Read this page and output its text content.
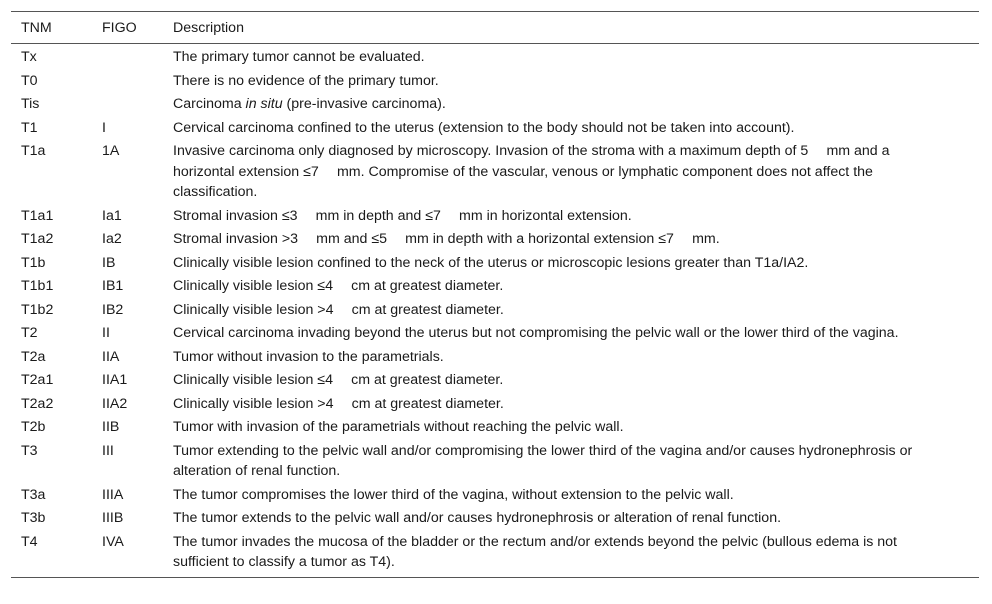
TNM	FIGO	Description
Tx		The primary tumor cannot be evaluated.
T0		There is no evidence of the primary tumor.
Tis		Carcinoma in situ (pre-invasive carcinoma).
T1	I	Cervical carcinoma confined to the uterus (extension to the body should not be taken into account).
T1a	1A	Invasive carcinoma only diagnosed by microscopy. Invasion of the stroma with a maximum depth of 5  mm and a horizontal extension ≤7  mm. Compromise of the vascular, venous or lymphatic component does not affect the classification.
T1a1	Ia1	Stromal invasion ≤3  mm in depth and ≤7  mm in horizontal extension.
T1a2	Ia2	Stromal invasion >3  mm and ≤5  mm in depth with a horizontal extension ≤7  mm.
T1b	IB	Clinically visible lesion confined to the neck of the uterus or microscopic lesions greater than T1a/IA2.
T1b1	IB1	Clinically visible lesion ≤4  cm at greatest diameter.
T1b2	IB2	Clinically visible lesion >4  cm at greatest diameter.
T2	II	Cervical carcinoma invading beyond the uterus but not compromising the pelvic wall or the lower third of the vagina.
T2a	IIA	Tumor without invasion to the parametrials.
T2a1	IIA1	Clinically visible lesion ≤4  cm at greatest diameter.
T2a2	IIA2	Clinically visible lesion >4  cm at greatest diameter.
T2b	IIB	Tumor with invasion of the parametrials without reaching the pelvic wall.
T3	III	Tumor extending to the pelvic wall and/or compromising the lower third of the vagina and/or causes hydronephrosis or alteration of renal function.
T3a	IIIA	The tumor compromises the lower third of the vagina, without extension to the pelvic wall.
T3b	IIIB	The tumor extends to the pelvic wall and/or causes hydronephrosis or alteration of renal function.
T4	IVA	The tumor invades the mucosa of the bladder or the rectum and/or extends beyond the pelvic (bullous edema is not sufficient to classify a tumor as T4).
